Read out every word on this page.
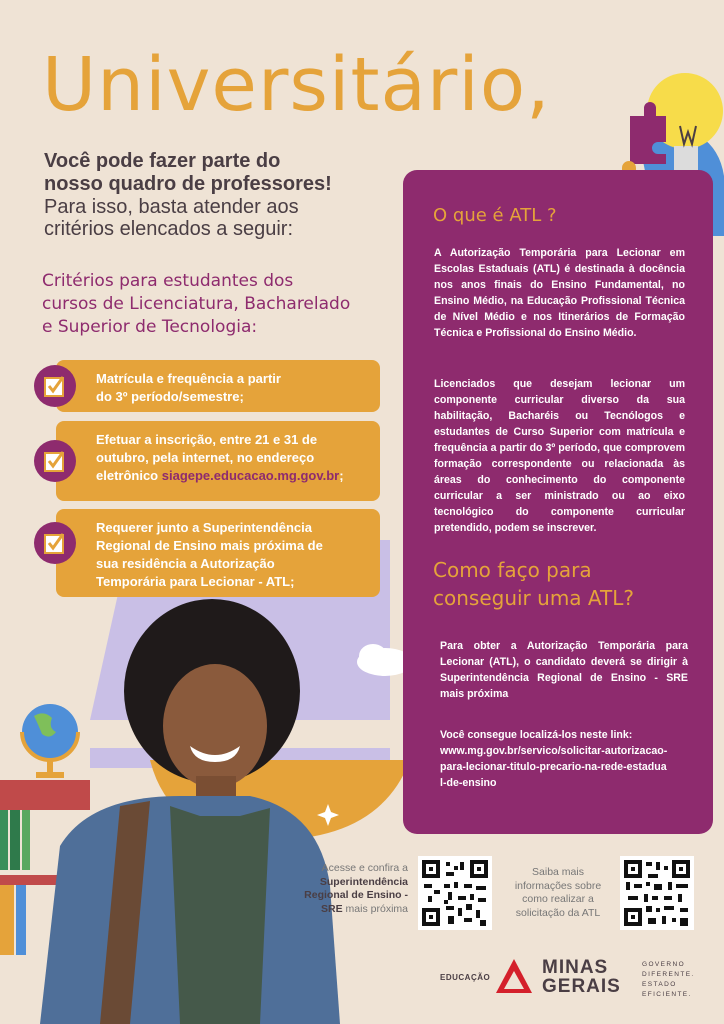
Universitário,
Você pode fazer parte do
nosso quadro de professores!
Para isso, basta atender aos
critérios elencados a seguir:
Critérios para estudantes dos
cursos de Licenciatura, Bacharelado
e Superior de Tecnologia:
Matrícula e frequência a partir
do 3º período/semestre;
Efetuar a inscrição, entre 21 e 31 de
outubro, pela internet, no endereço
eletrônico siagepe.educacao.mg.gov.br;
Requerer junto a Superintendência
Regional de Ensino mais próxima de
sua residência a Autorização
Temporária para Lecionar - ATL;
O que é ATL ?
A Autorização Temporária para Lecionar em Escolas Estaduais (ATL) é destinada à docência nos anos finais do Ensino Fundamental, no Ensino Médio, na Educação Profissional Técnica de Nível Médio e nos Itinerários de Formação Técnica e Profissional do Ensino Médio.
Licenciados que desejam lecionar um componente curricular diverso da sua habilitação, Bacharéis ou Tecnólogos e estudantes de Curso Superior com matrícula e frequência a partir do 3º período, que comprovem formação correspondente ou relacionada às áreas do conhecimento do componente curricular a ser ministrado ou ao eixo tecnológico do componente curricular pretendido, podem se inscrever.
Como faço para
conseguir uma ATL?
Para obter a Autorização Temporária para Lecionar (ATL), o candidato deverá se dirigir à Superintendência Regional de Ensino - SRE mais próxima
Você consegue localizá-los neste link:
www.mg.gov.br/servico/solicitar-autorizacao-
para-lecionar-titulo-precario-na-rede-estadua
l-de-ensino
Acesse e confira a
Superintendência
Regional de Ensino -
SRE mais próxima
Saiba mais
informações sobre
como realizar a
solicitação da ATL
EDUCAÇÃO	MINAS
GERAIS
GOVERNO
DIFERENTE.
ESTADO
EFICIENTE.
